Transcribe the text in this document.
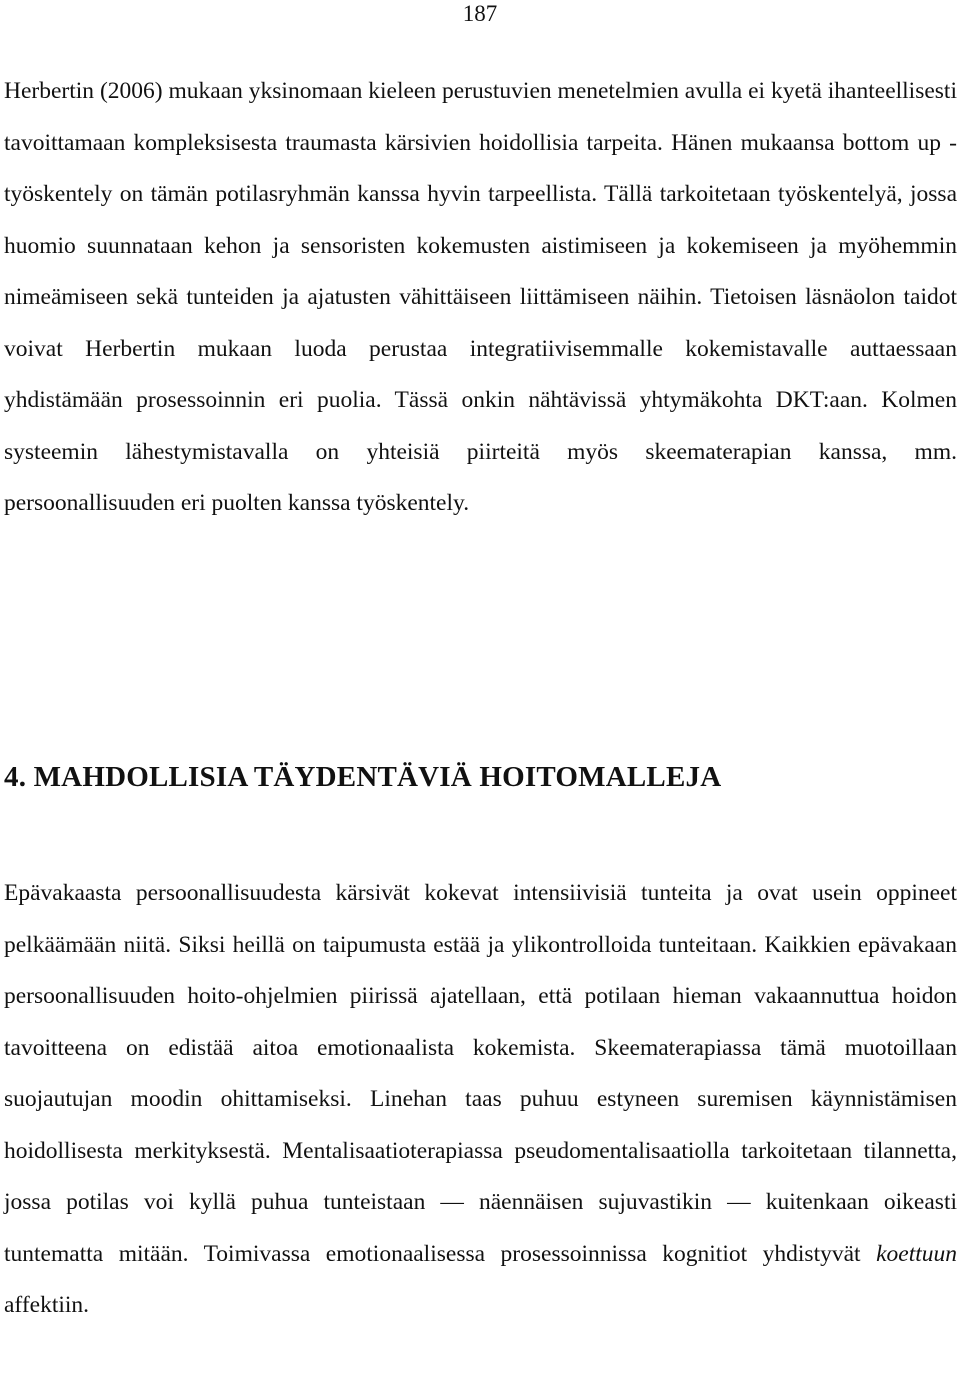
187

Herbertin (2006) mukaan yksinomaan kieleen perustuvien menetelmien avulla ei kyetä ihanteellisesti tavoittamaan kompleksisesta traumasta kärsivien hoidollisia tarpeita. Hänen mukaansa bottom up -työskentely on tämän potilasryhmän kanssa hyvin tarpeellista. Tällä tarkoitetaan työskentelyä, jossa huomio suunnataan kehon ja sensoristen kokemusten aistimiseen ja kokemiseen ja myöhemmin nimeämiseen sekä tunteiden ja ajatusten vähittäiseen liittämiseen näihin. Tietoisen läsnäolon taidot voivat Herbertin mukaan luoda perustaa integratiivisemmalle kokemistavalle auttaessaan yhdistämään prosessoinnin eri puolia. Tässä onkin nähtävissä yhtymäkohta DKT:aan. Kolmen systeemin lähestymistavalla on yhteisiä piirteitä myös skeematerapian kanssa, mm. persoonallisuuden eri puolten kanssa työskentely.

4. MAHDOLLISIA TÄYDENTÄVIÄ HOITOMALLEJA

Epävakaasta persoonallisuudesta kärsivät kokevat intensiivisiä tunteita ja ovat usein oppineet pelkäämään niitä. Siksi heillä on taipumusta estää ja ylikontrolloida tunteitaan. Kaikkien epävakaan persoonallisuuden hoito-ohjelmien piirissä ajatellaan, että potilaan hieman vakaannuttua hoidon tavoitteena on edistää aitoa emotionaalista kokemista. Skeematerapiassa tämä muotoillaan suojautujan moodin ohittamiseksi. Linehan taas puhuu estyneen suremisen käynnistämisen hoidollisesta merkityksestä. Mentalisaatioterapiassa pseudomentalisaatiolla tarkoitetaan tilannetta, jossa potilas voi kyllä puhua tunteistaan — näennäisen sujuvastikin — kuitenkaan oikeasti tuntematta mitään. Toimivassa emotionaalisessa prosessoinnissa kognitiot yhdistyvät koettuun affektiin.
